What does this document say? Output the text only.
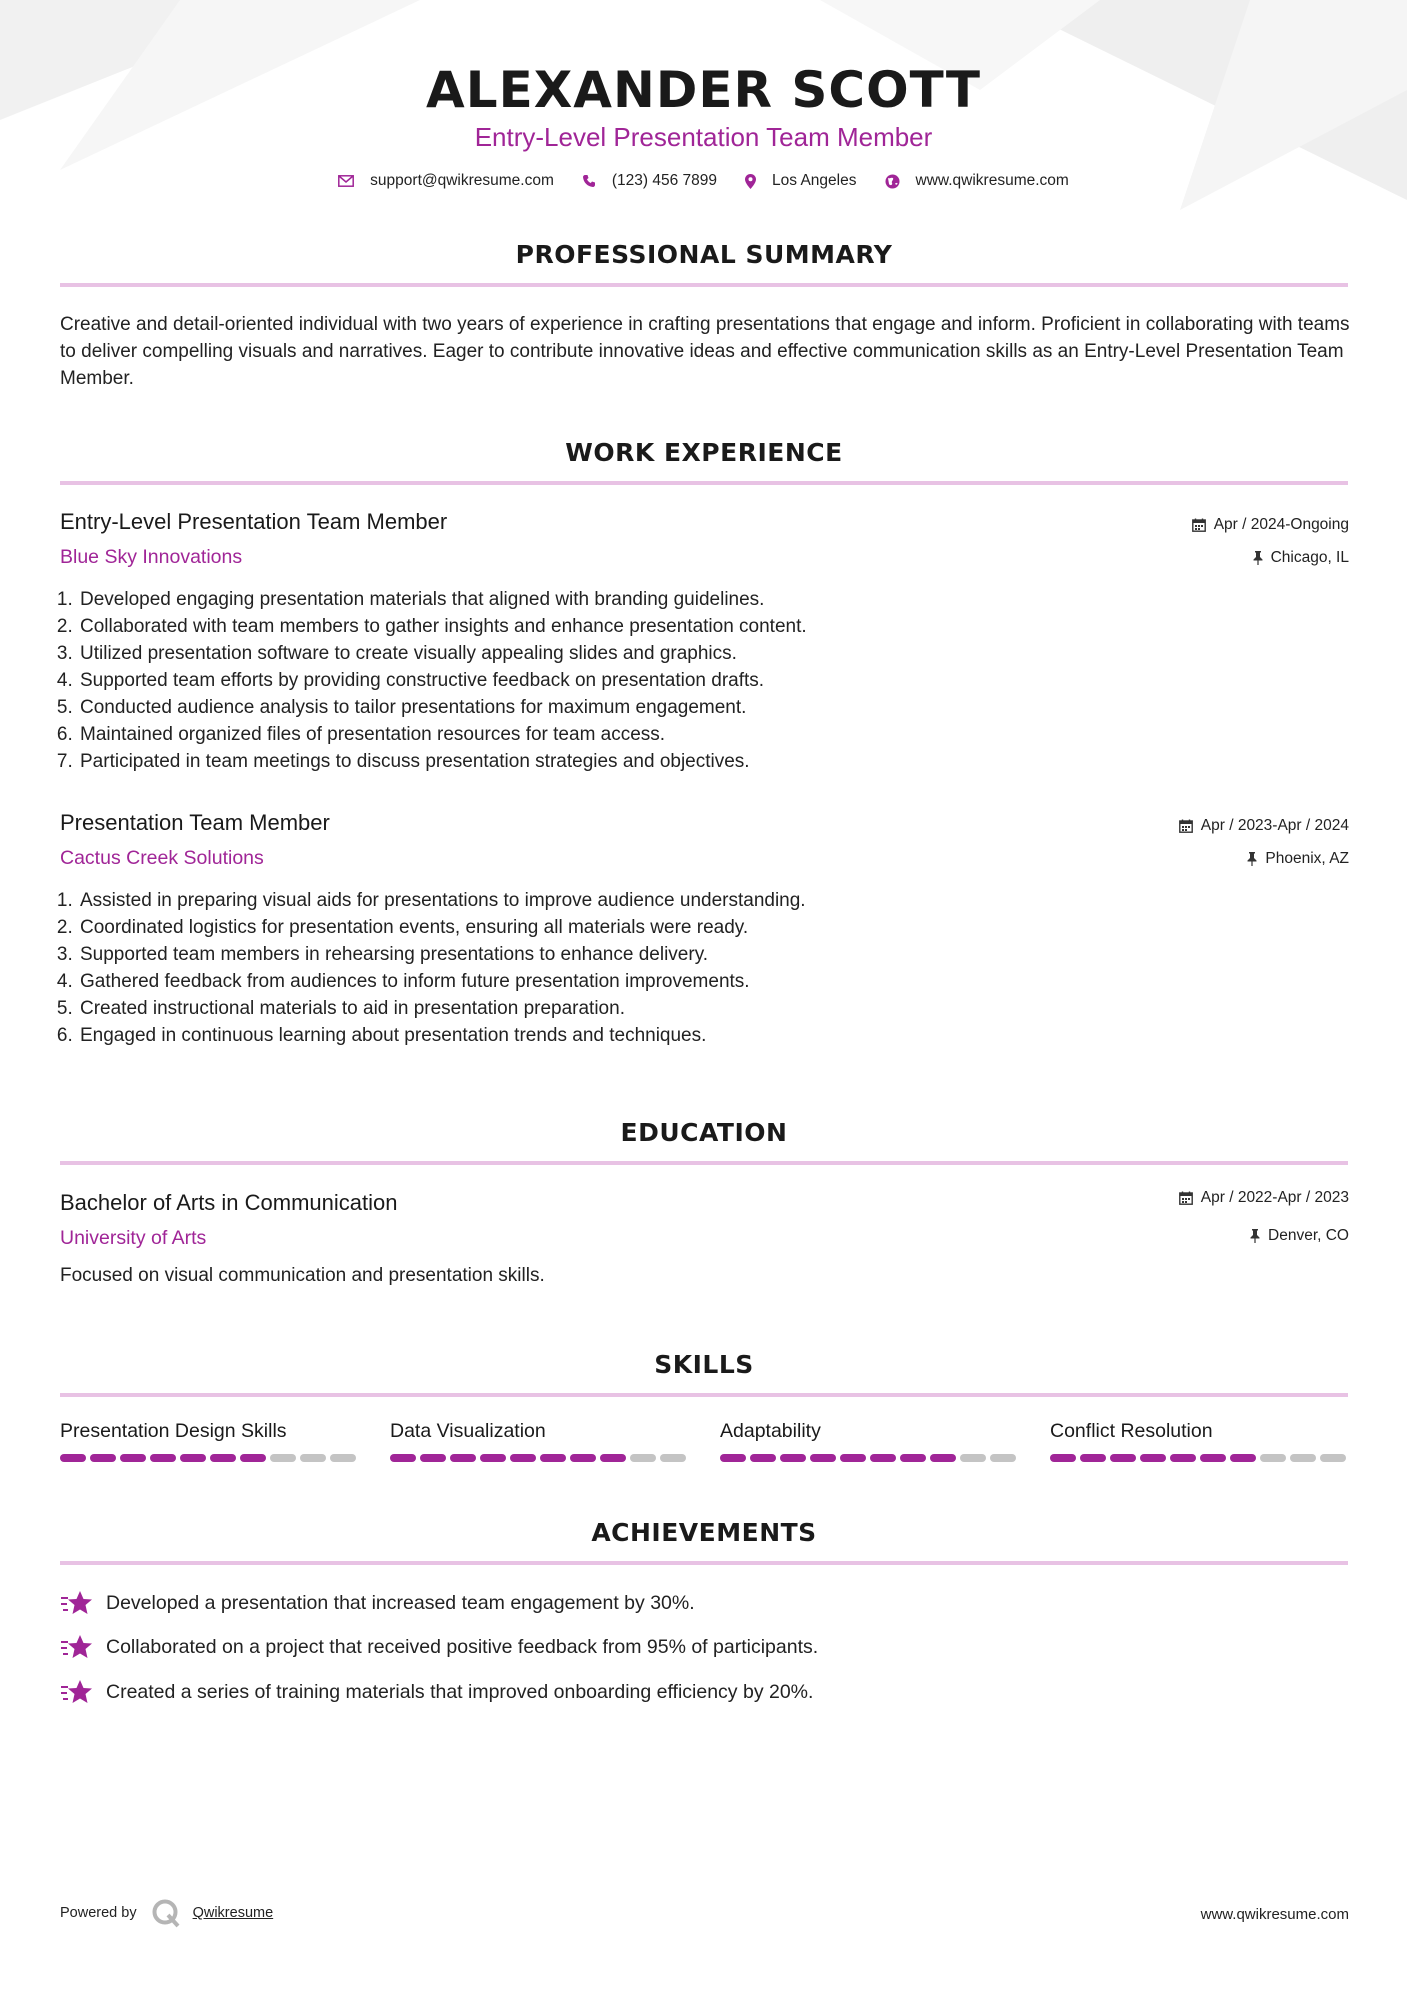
ALEXANDER SCOTT
Entry-Level Presentation Team Member
support@qwikresume.com	(123) 456 7899	Los Angeles	www.qwikresume.com
PROFESSIONAL SUMMARY
Creative and detail-oriented individual with two years of experience in crafting presentations that engage and inform. Proficient in collaborating with teams to deliver compelling visuals and narratives. Eager to contribute innovative ideas and effective communication skills as an Entry-Level Presentation Team Member.
WORK EXPERIENCE
Entry-Level Presentation Team Member
Blue Sky Innovations
Apr / 2024-Ongoing
Chicago, IL
1. Developed engaging presentation materials that aligned with branding guidelines.
2. Collaborated with team members to gather insights and enhance presentation content.
3. Utilized presentation software to create visually appealing slides and graphics.
4. Supported team efforts by providing constructive feedback on presentation drafts.
5. Conducted audience analysis to tailor presentations for maximum engagement.
6. Maintained organized files of presentation resources for team access.
7. Participated in team meetings to discuss presentation strategies and objectives.
Presentation Team Member
Cactus Creek Solutions
Apr / 2023-Apr / 2024
Phoenix, AZ
1. Assisted in preparing visual aids for presentations to improve audience understanding.
2. Coordinated logistics for presentation events, ensuring all materials were ready.
3. Supported team members in rehearsing presentations to enhance delivery.
4. Gathered feedback from audiences to inform future presentation improvements.
5. Created instructional materials to aid in presentation preparation.
6. Engaged in continuous learning about presentation trends and techniques.
EDUCATION
Bachelor of Arts in Communication
University of Arts
Apr / 2022-Apr / 2023
Denver, CO
Focused on visual communication and presentation skills.
SKILLS
Presentation Design Skills	Data Visualization	Adaptability	Conflict Resolution
ACHIEVEMENTS
Developed a presentation that increased team engagement by 30%.
Collaborated on a project that received positive feedback from 95% of participants.
Created a series of training materials that improved onboarding efficiency by 20%.
Powered by	Qwikresume	www.qwikresume.com
